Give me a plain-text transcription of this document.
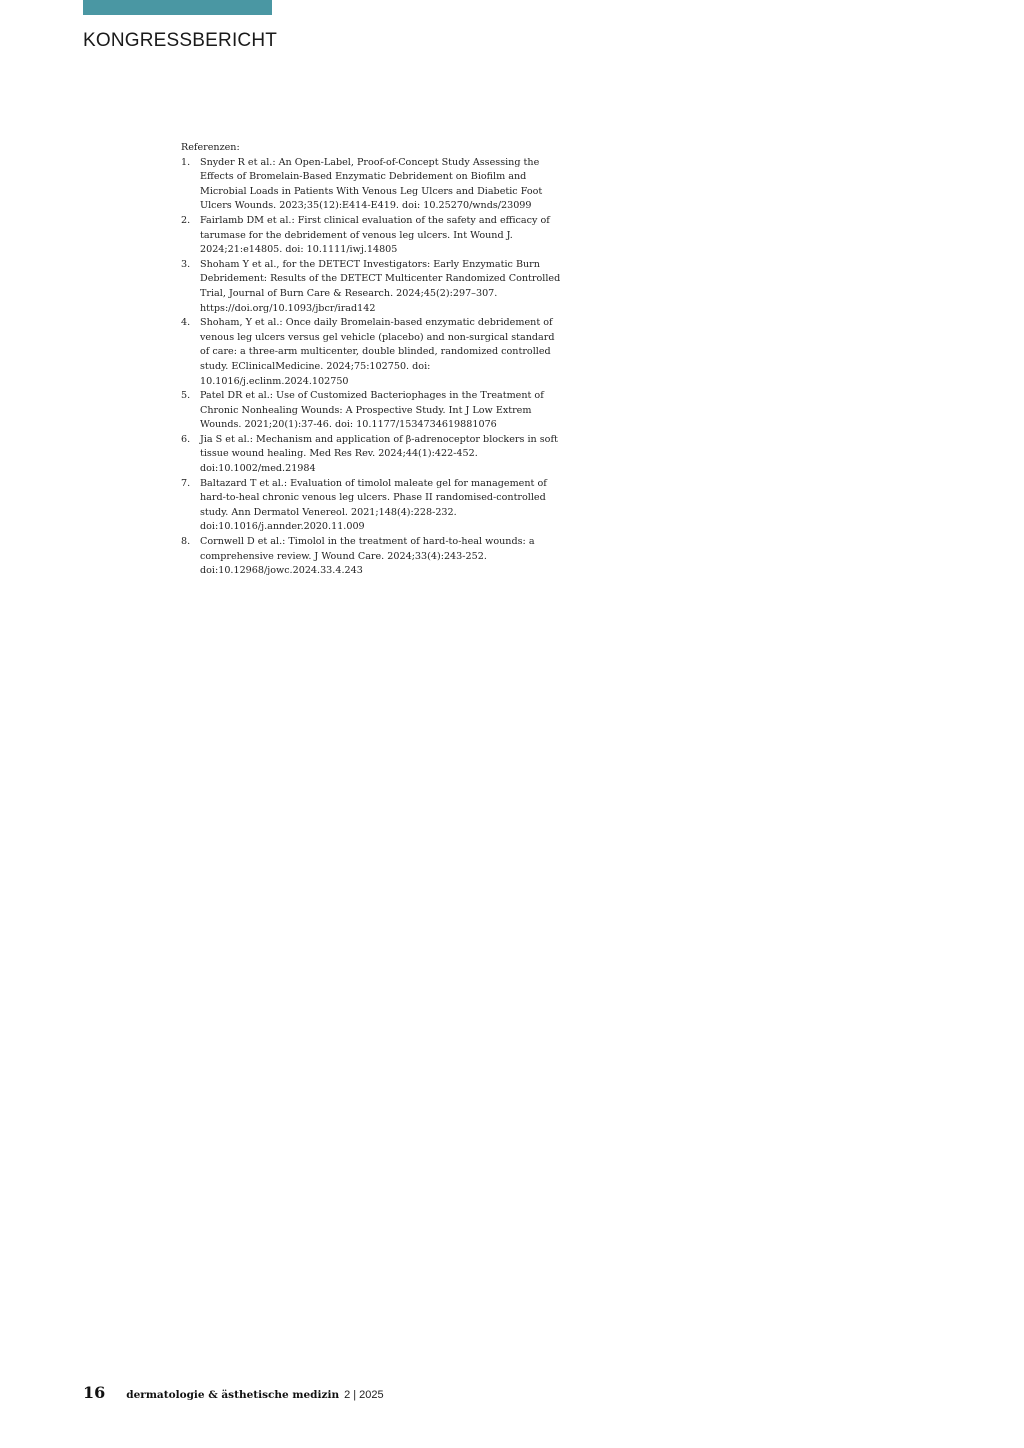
KONGRESSBERICHT

Referenzen:

1.	Snyder R et al.: An Open-Label, Proof-of-Concept Study Assessing the Effects of Bromelain-Based Enzymatic Debridement on Biofilm and Microbial Loads in Patients With Venous Leg Ulcers and Diabetic Foot Ulcers Wounds. 2023;35(12):E414-E419. doi: 10.25270/wnds/23099
2.	Fairlamb DM et al.: First clinical evaluation of the safety and efficacy of tarumase for the debridement of venous leg ulcers. Int Wound J. 2024;21:e14805. doi: 10.1111/iwj.14805
3.	Shoham Y et al., for the DETECT Investigators: Early Enzymatic Burn Debridement: Results of the DETECT Multicenter Randomized Controlled Trial, Journal of Burn Care & Research. 2024;45(2):297–307. https://doi.org/10.1093/jbcr/irad142
4.	Shoham, Y et al.: Once daily Bromelain-based enzymatic debridement of venous leg ulcers versus gel vehicle (placebo) and non-surgical standard of care: a three-arm multicenter, double blinded, randomized controlled study. EClinicalMedicine. 2024;75:102750. doi: 10.1016/j.eclinm.2024.102750
5.	Patel DR et al.: Use of Customized Bacteriophages in the Treatment of Chronic Nonhealing Wounds: A Prospective Study. Int J Low Extrem Wounds. 2021;20(1):37-46. doi: 10.1177/1534734619881076
6.	Jia S et al.: Mechanism and application of β-adrenoceptor blockers in soft tissue wound healing. Med Res Rev. 2024;44(1):422-452. doi:10.1002/med.21984
7.	Baltazard T et al.: Evaluation of timolol maleate gel for management of hard-to-heal chronic venous leg ulcers. Phase II randomised-controlled study. Ann Dermatol Venereol. 2021;148(4):228-232. doi:10.1016/j.annder.2020.11.009
8.	Cornwell D et al.: Timolol in the treatment of hard-to-heal wounds: a comprehensive review. J Wound Care. 2024;33(4):243-252. doi:10.12968/jowc.2024.33.4.243
16 dermatologie & ästhetische medizin 2 | 2025
